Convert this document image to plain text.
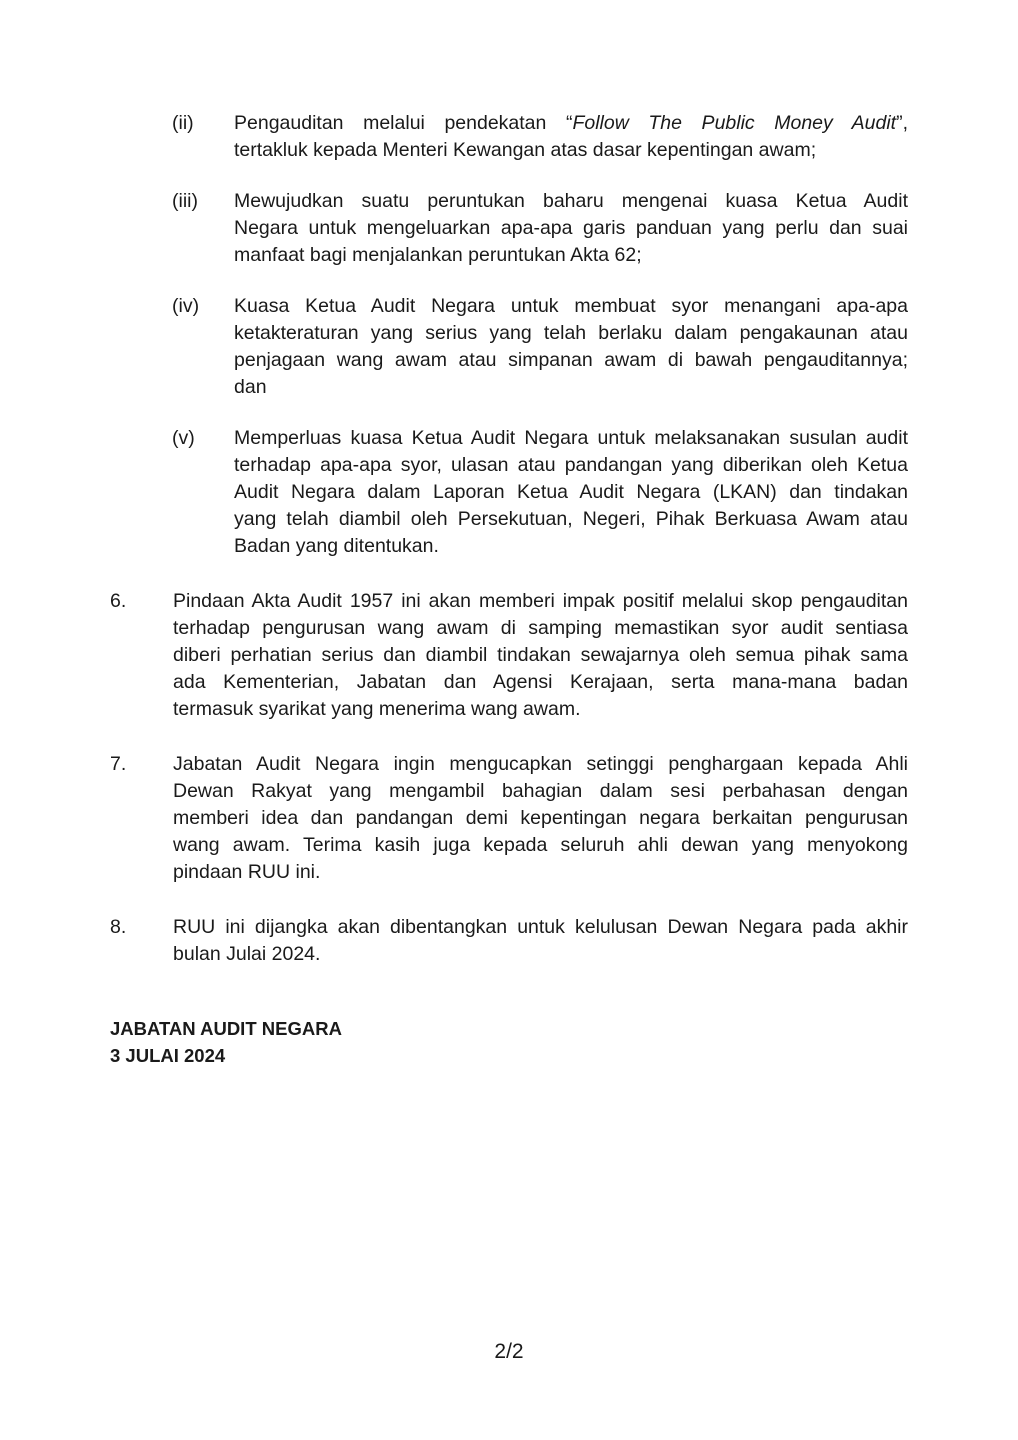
(ii) Pengauditan melalui pendekatan “Follow The Public Money Audit”,
tertakluk kepada Menteri Kewangan atas dasar kepentingan awam;
(iii) Mewujudkan suatu peruntukan baharu mengenai kuasa Ketua Audit
Negara untuk mengeluarkan apa-apa garis panduan yang perlu dan suai
manfaat bagi menjalankan peruntukan Akta 62;
(iv) Kuasa Ketua Audit Negara untuk membuat syor menangani apa-apa
ketakteraturan yang serius yang telah berlaku dalam pengakaunan atau
penjagaan wang awam atau simpanan awam di bawah pengauditannya;
dan
(v) Memperluas kuasa Ketua Audit Negara untuk melaksanakan susulan audit
terhadap apa-apa syor, ulasan atau pandangan yang diberikan oleh Ketua
Audit Negara dalam Laporan Ketua Audit Negara (LKAN) dan tindakan
yang telah diambil oleh Persekutuan, Negeri, Pihak Berkuasa Awam atau
Badan yang ditentukan.
6. Pindaan Akta Audit 1957 ini akan memberi impak positif melalui skop pengauditan
terhadap pengurusan wang awam di samping memastikan syor audit sentiasa
diberi perhatian serius dan diambil tindakan sewajarnya oleh semua pihak sama
ada Kementerian, Jabatan dan Agensi Kerajaan, serta mana-mana badan
termasuk syarikat yang menerima wang awam.
7. Jabatan Audit Negara ingin mengucapkan setinggi penghargaan kepada Ahli
Dewan Rakyat yang mengambil bahagian dalam sesi perbahasan dengan
memberi idea dan pandangan demi kepentingan negara berkaitan pengurusan
wang awam. Terima kasih juga kepada seluruh ahli dewan yang menyokong
pindaan RUU ini.
8. RUU ini dijangka akan dibentangkan untuk kelulusan Dewan Negara pada akhir
bulan Julai 2024.
JABATAN AUDIT NEGARA
3 JULAI 2024
2/2
